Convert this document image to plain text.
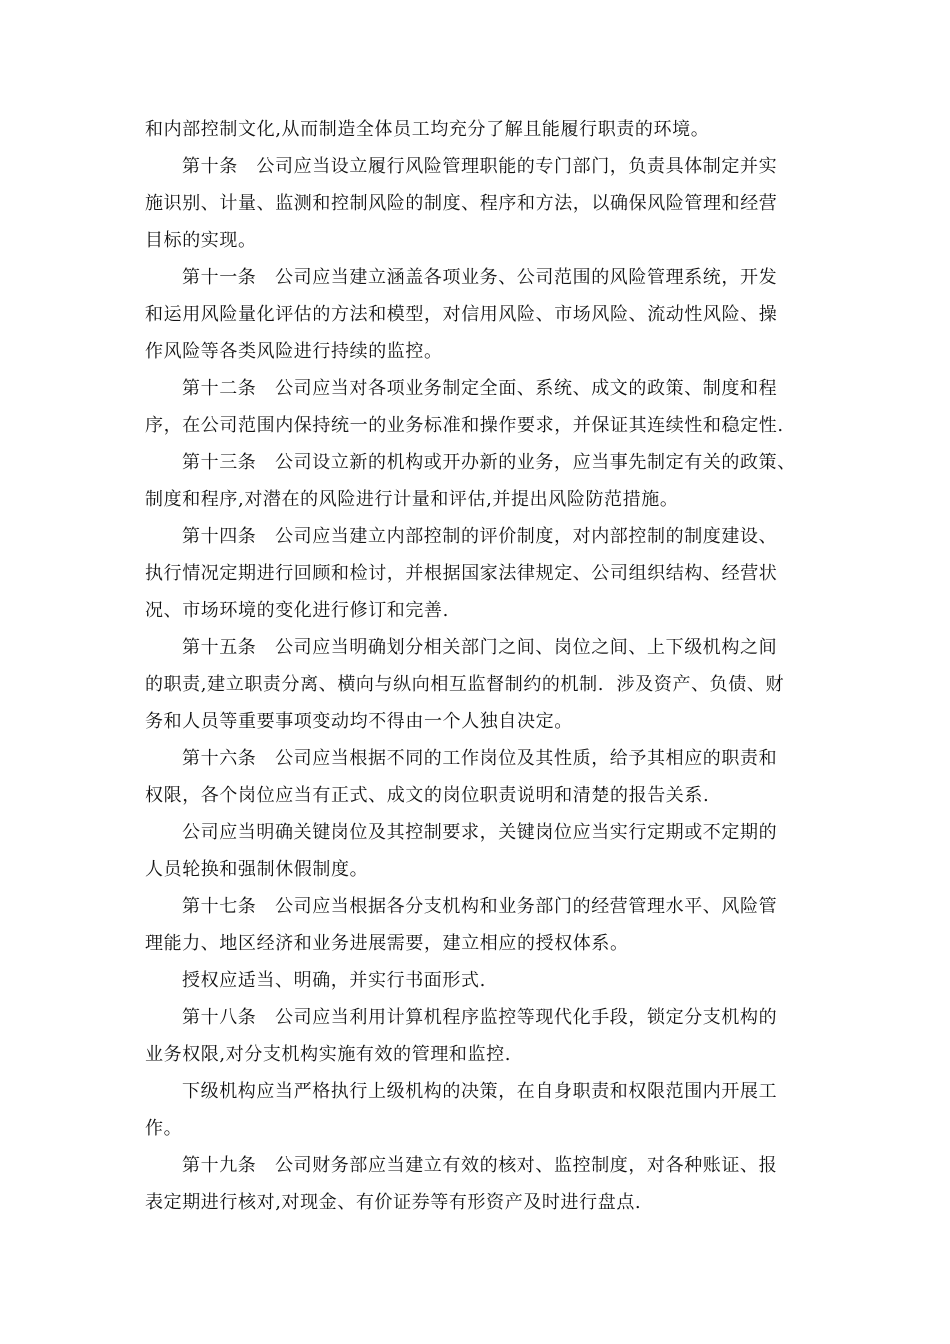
和内部控制文化,从而制造全体员工均充分了解且能履行职责的环境。
第十条　公司应当设立履行风险管理职能的专门部门，负责具体制定并实
施识别、计量、监测和控制风险的制度、程序和方法，以确保风险管理和经营
目标的实现。
第十一条　公司应当建立涵盖各项业务、公司范围的风险管理系统，开发
和运用风险量化评估的方法和模型，对信用风险、市场风险、流动性风险、操
作风险等各类风险进行持续的监控。
第十二条　公司应当对各项业务制定全面、系统、成文的政策、制度和程
序，在公司范围内保持统一的业务标准和操作要求，并保证其连续性和稳定性.
第十三条　公司设立新的机构或开办新的业务，应当事先制定有关的政策、
制度和程序,对潜在的风险进行计量和评估,并提出风险防范措施。
第十四条　公司应当建立内部控制的评价制度，对内部控制的制度建设、
执行情况定期进行回顾和检讨，并根据国家法律规定、公司组织结构、经营状
况、市场环境的变化进行修订和完善.
第十五条　公司应当明确划分相关部门之间、岗位之间、上下级机构之间
的职责,建立职责分离、横向与纵向相互监督制约的机制.  涉及资产、负债、财
务和人员等重要事项变动均不得由一个人独自决定。
第十六条　公司应当根据不同的工作岗位及其性质，给予其相应的职责和
权限，各个岗位应当有正式、成文的岗位职责说明和清楚的报告关系.
公司应当明确关键岗位及其控制要求，关键岗位应当实行定期或不定期的
人员轮换和强制休假制度。
第十七条　公司应当根据各分支机构和业务部门的经营管理水平、风险管
理能力、地区经济和业务进展需要，建立相应的授权体系。
授权应适当、明确，并实行书面形式.
第十八条　公司应当利用计算机程序监控等现代化手段，锁定分支机构的
业务权限,对分支机构实施有效的管理和监控.
下级机构应当严格执行上级机构的决策，在自身职责和权限范围内开展工
作。
第十九条　公司财务部应当建立有效的核对、监控制度，对各种账证、报
表定期进行核对,对现金、有价证券等有形资产及时进行盘点.
